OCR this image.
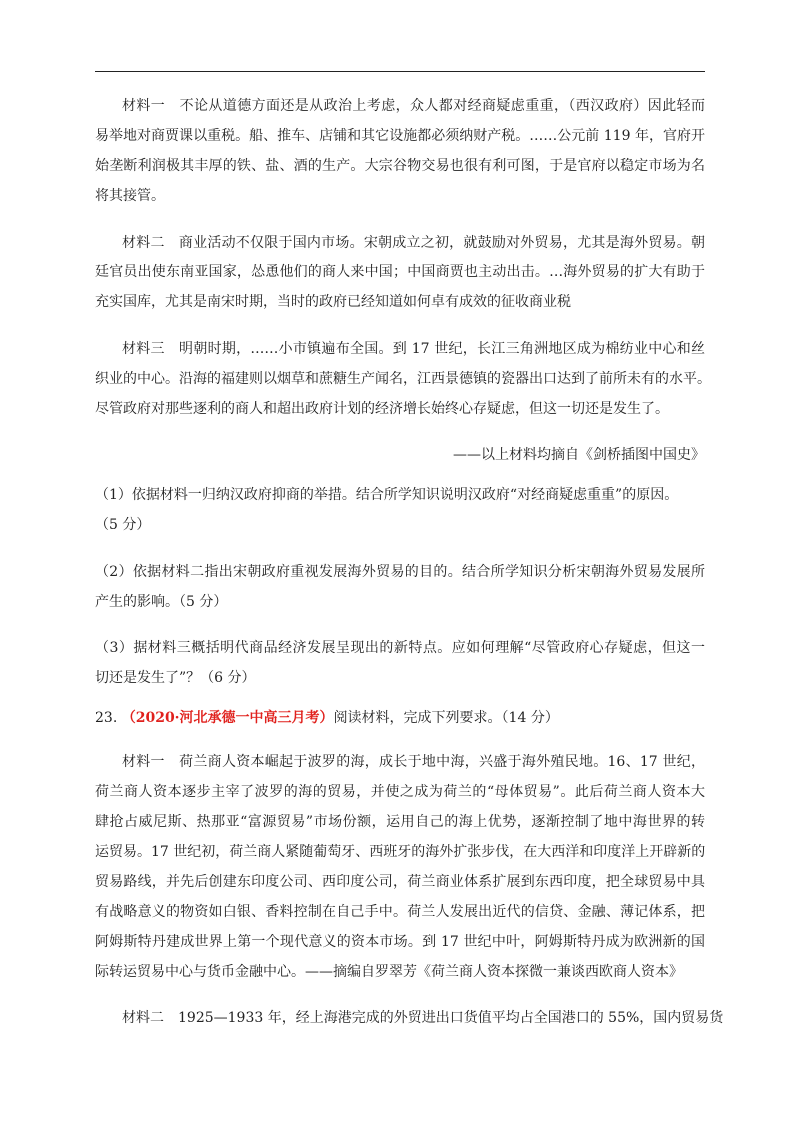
材料一　不论从道德方面还是从政治上考虑，众人都对经商疑虑重重，（西汉政府）因此轻而
易举地对商贾课以重税。船、推车、店铺和其它设施都必须纳财产税。……公元前 119 年，官府开
始垄断利润极其丰厚的铁、盐、酒的生产。大宗谷物交易也很有利可图，于是官府以稳定市场为名
将其接管。
材料二　商业活动不仅限于国内市场。宋朝成立之初，就鼓励对外贸易，尤其是海外贸易。朝
廷官员出使东南亚国家，怂恿他们的商人来中国；中国商贾也主动出击。…海外贸易的扩大有助于
充实国库，尤其是南宋时期，当时的政府已经知道如何卓有成效的征收商业税
材料三　明朝时期，……小市镇遍布全国。到 17 世纪，长江三角洲地区成为棉纺业中心和丝
织业的中心。沿海的福建则以烟草和蔗糖生产闻名，江西景德镇的瓷器出口达到了前所未有的水平。
尽管政府对那些逐利的商人和超出政府计划的经济增长始终心存疑虑，但这一切还是发生了。
——以上材料均摘自《剑桥插图中国史》
（1）依据材料一归纳汉政府抑商的举措。结合所学知识说明汉政府“对经商疑虑重重”的原因。
（5 分）
（2）依据材料二指出宋朝政府重视发展海外贸易的目的。结合所学知识分析宋朝海外贸易发展所
产生的影响。（5 分）
（3）据材料三概括明代商品经济发展呈现出的新特点。应如何理解“尽管政府心存疑虑，但这一
切还是发生了”？（6 分）
23. （2020·河北承德一中高三月考）阅读材料，完成下列要求。（14 分）
材料一　荷兰商人资本崛起于波罗的海，成长于地中海，兴盛于海外殖民地。16、17 世纪，
荷兰商人资本逐步主宰了波罗的海的贸易，并使之成为荷兰的“母体贸易”。此后荷兰商人资本大
肆抢占威尼斯、热那亚“富源贸易”市场份额，运用自己的海上优势，逐渐控制了地中海世界的转
运贸易。17 世纪初，荷兰商人紧随葡萄牙、西班牙的海外扩张步伐，在大西洋和印度洋上开辟新的
贸易路线，并先后创建东印度公司、西印度公司，荷兰商业体系扩展到东西印度，把全球贸易中具
有战略意义的物资如白银、香料控制在自己手中。荷兰人发展出近代的信贷、金融、薄记体系，把
阿姆斯特丹建成世界上第一个现代意义的资本市场。到 17 世纪中叶，阿姆斯特丹成为欧洲新的国
际转运贸易中心与货币金融中心。——摘编自罗翠芳《荷兰商人资本探微一兼谈西欧商人资本》
材料二　1925—1933 年，经上海港完成的外贸进出口货值平均占全国港口的 55%，国内贸易货
